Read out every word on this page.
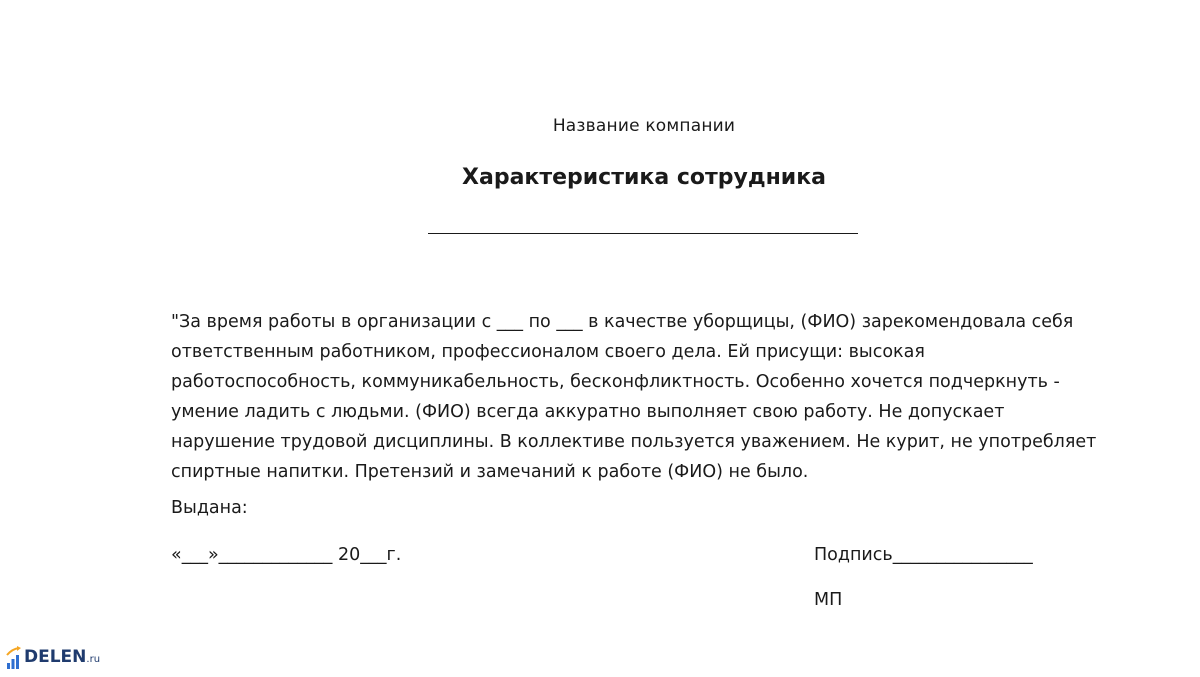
Название компании
Характеристика сотрудника
"За время работы в организации с ___ по ___ в качестве уборщицы, (ФИО) зарекомендовала себя
ответственным работником, профессионалом своего дела. Ей присущи: высокая
работоспособность, коммуникабельность, бесконфликтность. Особенно хочется подчеркнуть -
умение ладить с людьми. (ФИО) всегда аккуратно выполняет свою работу. Не допускает
нарушение трудовой дисциплины. В коллективе пользуется уважением. Не курит, не употребляет
спиртные напитки. Претензий и замечаний к работе (ФИО) не было.
Выдана:
«___»_____________ 20___г.	Подпись________________
МП
DELEN.ru
